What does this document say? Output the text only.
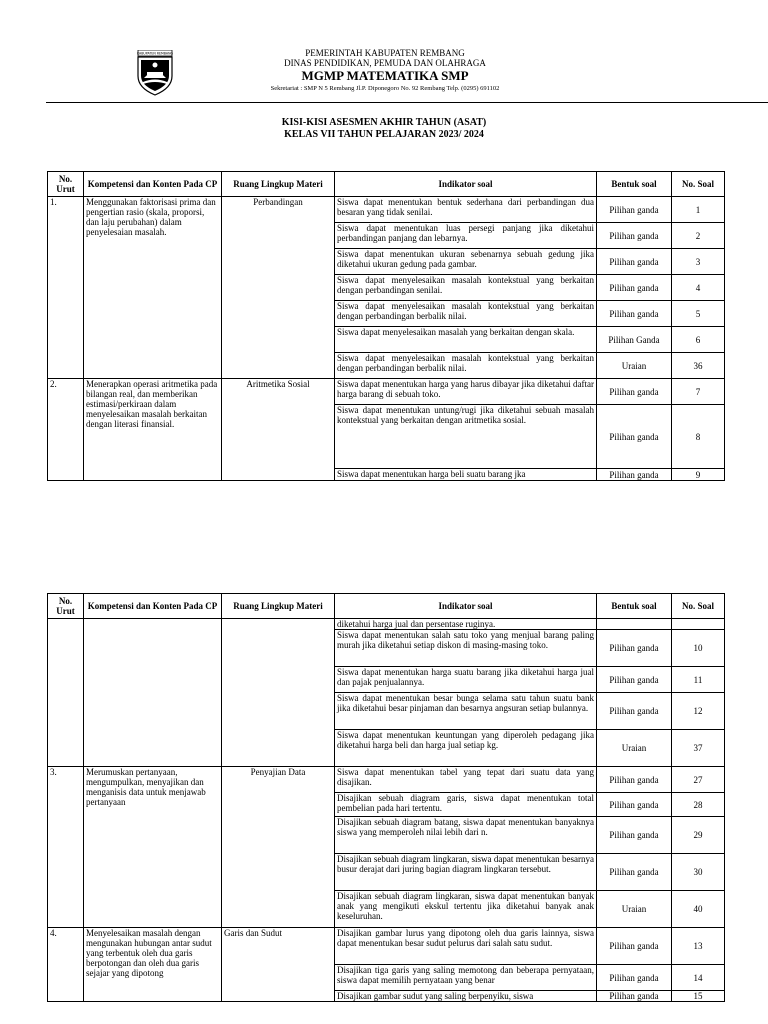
KABUPATEN REMBANG	PEMERINTAH KABUPATEN REMBANG
DINAS PENDIDIKAN, PEMUDA DAN OLAHRAGA
MGMP MATEMATIKA SMP
Sekretariat : SMP N 5 Rembang Jl.P. Diponegoro No. 92 Rembang Telp. (0295) 691102
KISI-KISI ASESMEN AKHIR TAHUN (ASAT)
KELAS VII TAHUN PELAJARAN 2023/ 2024
No. Urut	Kompetensi dan Konten Pada CP	Ruang Lingkup Materi	Indikator soal	Bentuk soal	No. Soal
1.	Menggunakan faktorisasi prima dan pengertian rasio (skala, proporsi, dan laju perubahan) dalam penyelesaian masalah.	Perbandingan	Siswa dapat menentukan bentuk sederhana dari perbandingan dua besaran yang tidak senilai.	Pilihan ganda	1
			Siswa dapat menentukan luas persegi panjang jika diketahui perbandingan panjang dan lebarnya.	Pilihan ganda	2
			Siswa dapat menentukan ukuran sebenarnya sebuah gedung jika diketahui ukuran gedung pada gambar.	Pilihan ganda	3
			Siswa dapat menyelesaikan masalah kontekstual yang berkaitan dengan perbandingan senilai.	Pilihan ganda	4
			Siswa dapat menyelesaikan masalah kontekstual yang berkaitan dengan perbandingan berbalik nilai.	Pilihan ganda	5
			Siswa dapat menyelesaikan masalah yang berkaitan dengan skala.	Pilihan Ganda	6
			Siswa dapat menyelesaikan masalah kontekstual yang berkaitan dengan perbandingan berbalik nilai.	Uraian	36
2.	Menerapkan operasi aritmetika pada bilangan real, dan memberikan estimasi/perkiraan dalam menyelesaikan masalah berkaitan dengan literasi finansial.	Aritmetika Sosial	Siswa dapat menentukan harga yang harus dibayar jika diketahui daftar harga barang di sebuah toko.	Pilihan ganda	7
			Siswa dapat menentukan untung/rugi jika diketahui sebuah masalah kontekstual yang berkaitan dengan aritmetika sosial.	Pilihan ganda	8
			Siswa dapat menentukan harga beli suatu barang jka	Pilihan ganda	9
No. Urut	Kompetensi dan Konten Pada CP	Ruang Lingkup Materi	Indikator soal	Bentuk soal	No. Soal
			diketahui harga jual dan persentase ruginya.		
			Siswa dapat menentukan salah satu toko yang menjual barang paling murah jika diketahui setiap diskon di masing-masing toko.	Pilihan ganda	10
			Siswa dapat menentukan harga suatu barang jika diketahui harga jual dan pajak penjualannya.	Pilihan ganda	11
			Siswa dapat menentukan besar bunga selama satu tahun suatu bank jika diketahui besar pinjaman dan besarnya angsuran setiap bulannya.	Pilihan ganda	12
			Siswa dapat menentukan keuntungan yang diperoleh pedagang jika diketahui harga beli dan harga jual setiap kg.	Uraian	37
3.	Merumuskan pertanyaan, mengumpulkan, menyajikan dan menganisis data untuk menjawab pertanyaan	Penyajian Data	Siswa dapat menentukan tabel yang tepat dari suatu data yang disajikan.	Pilihan ganda	27
			Disajikan sebuah diagram garis, siswa dapat menentukan total pembelian pada hari tertentu.	Pilihan ganda	28
			Disajikan sebuah diagram batang, siswa dapat menentukan banyaknya siswa yang memperoleh nilai lebih dari n.	Pilihan ganda	29
			Disajikan sebuah diagram lingkaran, siswa dapat menentukan besarnya busur derajat dari juring bagian diagram lingkaran tersebut.	Pilihan ganda	30
			Disajikan sebuah diagram lingkaran, siswa dapat menentukan banyak anak yang mengikuti ekskul tertentu jika diketahui banyak anak keseluruhan.	Uraian	40
4.	Menyelesaikan masalah dengan mengunakan hubungan antar sudut yang terbentuk oleh dua garis berpotongan dan oleh dua garis sejajar yang dipotong	Garis dan Sudut	Disajikan gambar lurus yang dipotong oleh dua garis lainnya, siswa dapat menentukan besar sudut pelurus dari salah satu sudut.	Pilihan ganda	13
			Disajikan tiga garis yang saling memotong dan beberapa pernyataan, siswa dapat memilih pernyataan yang benar	Pilihan ganda	14
			Disajikan gambar sudut yang saling berpenyiku, siswa	Pilihan ganda	15
